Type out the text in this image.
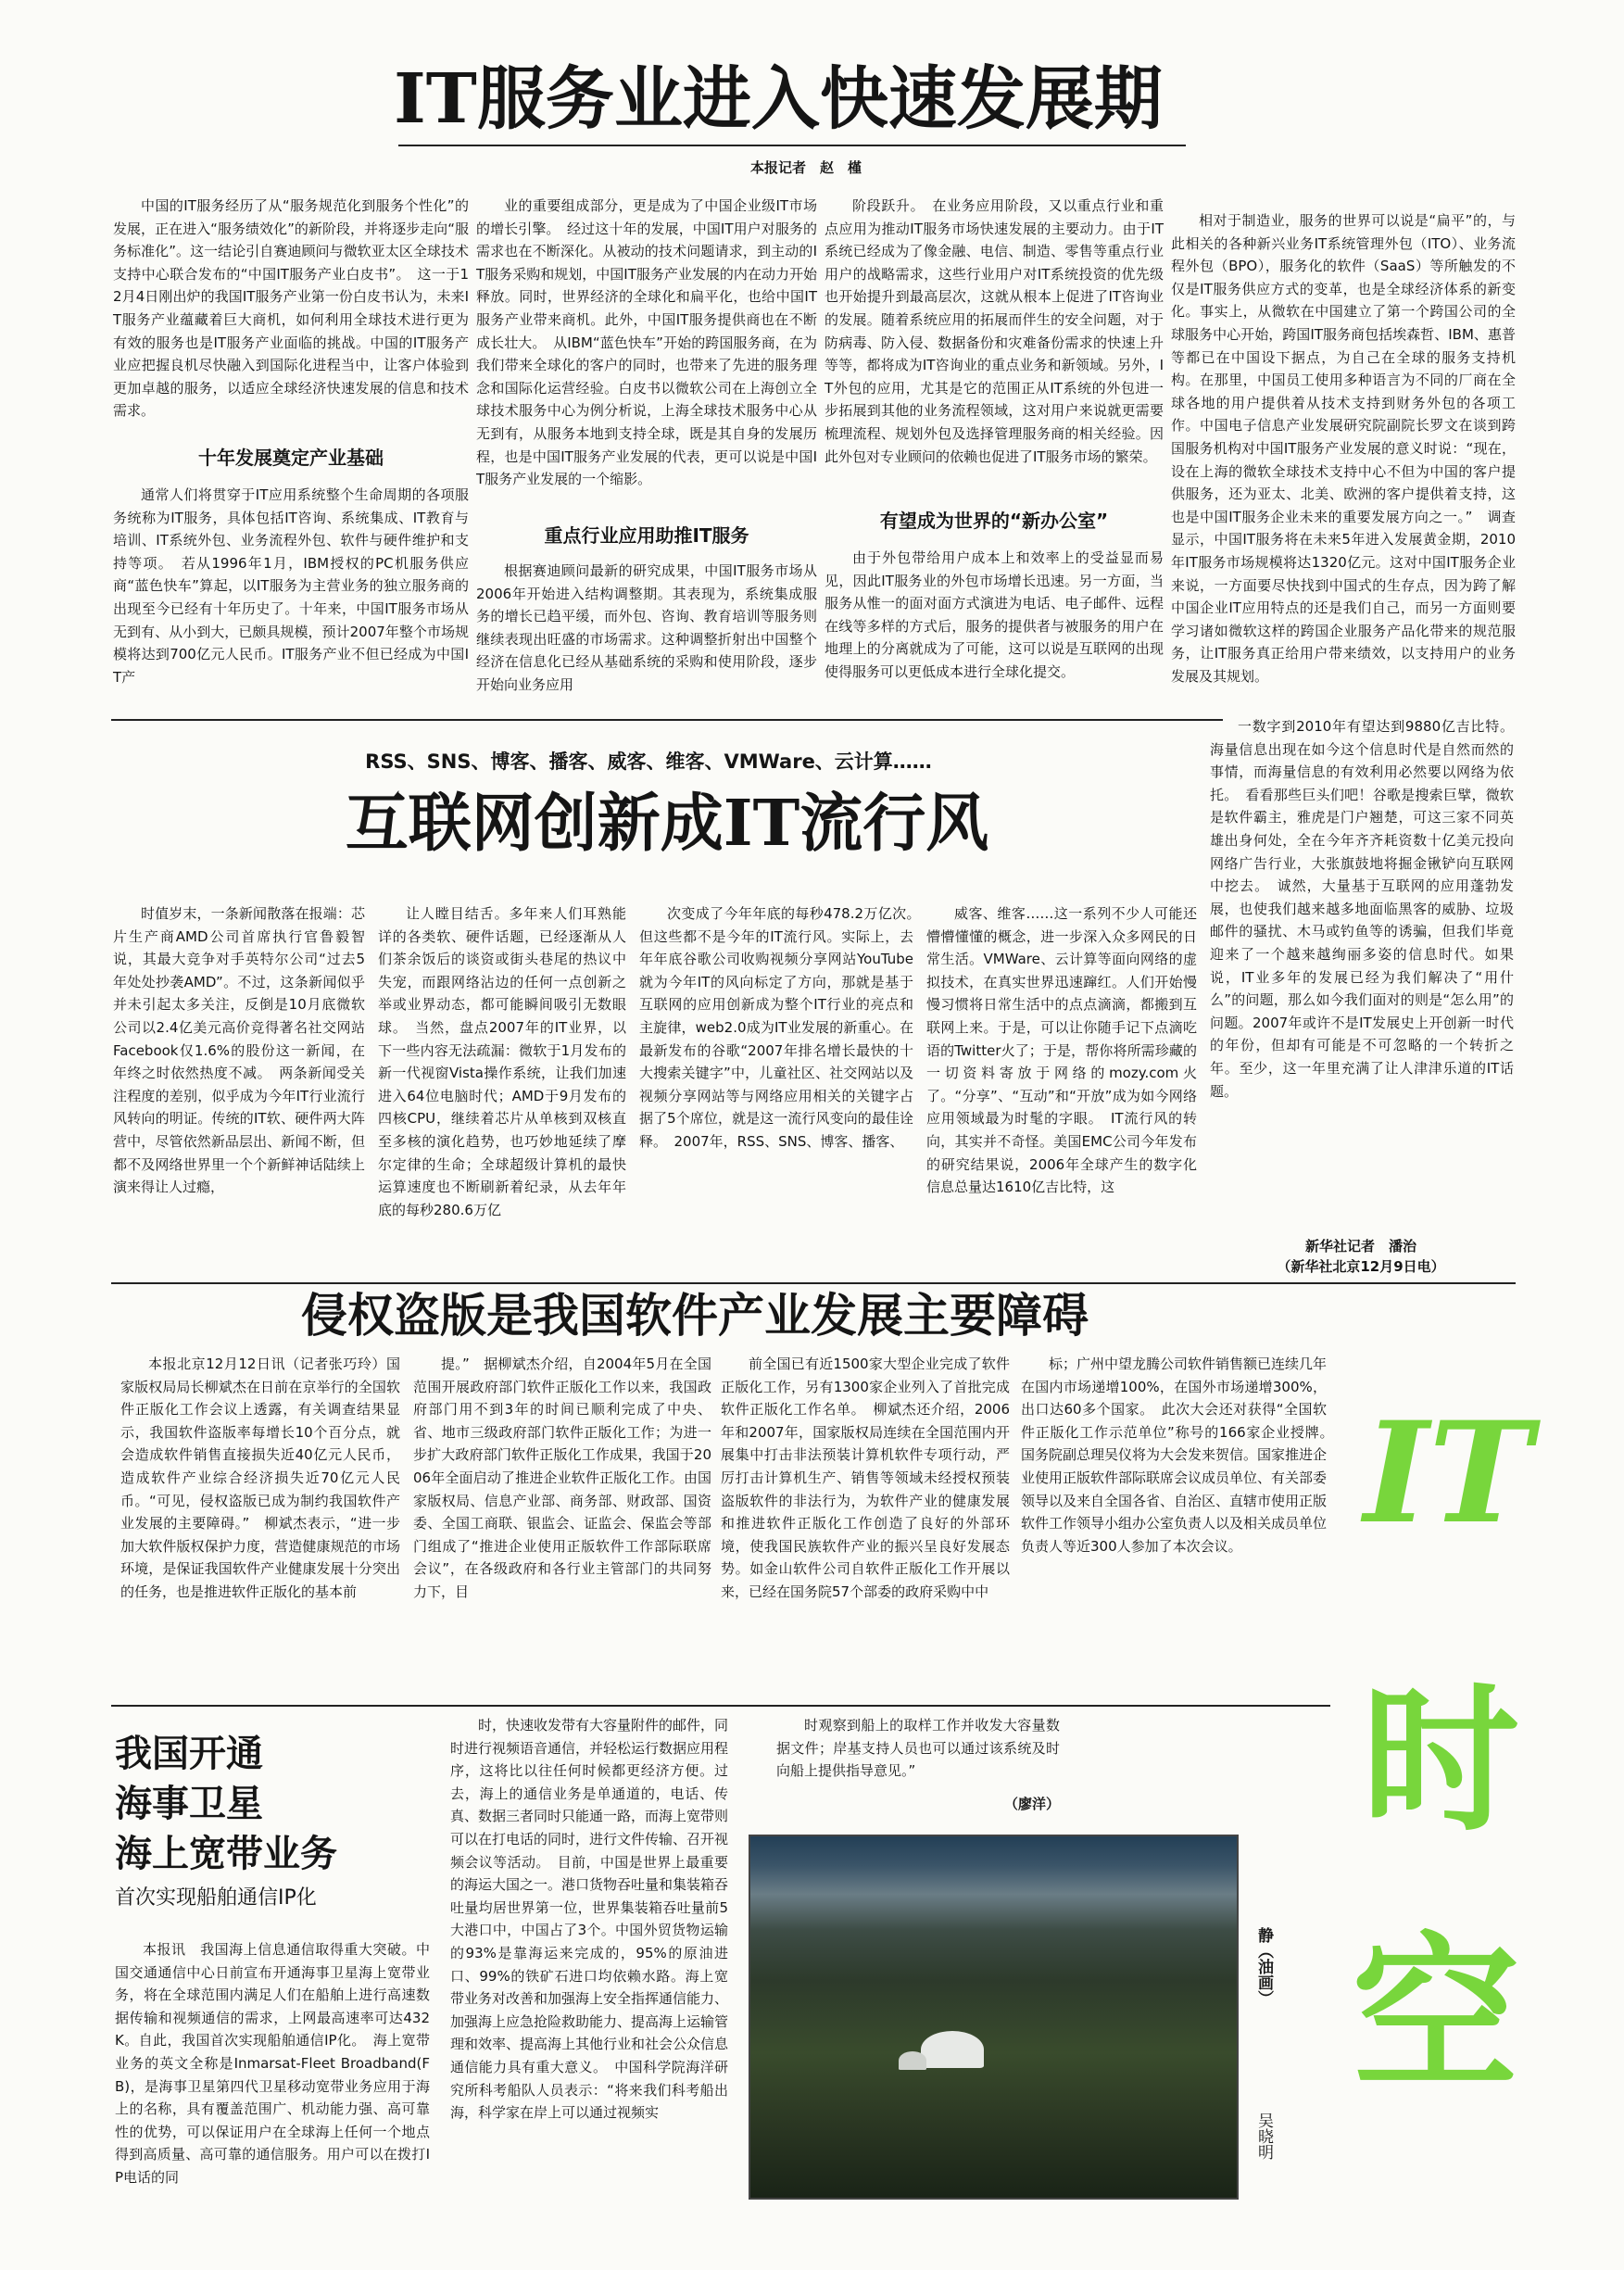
IT服务业进入快速发展期
本报记者　赵　槿

中国的IT服务经历了从“服务规范化到服务个性化”的发展，正在进入“服务绩效化”的新阶段，并将逐步走向“服务标准化”。这一结论引自赛迪顾问与微软亚太区全球技术支持中心联合发布的“中国IT服务产业白皮书”。　这一于12月4日刚出炉的我国IT服务产业第一份白皮书认为，未来IT服务产业蕴藏着巨大商机，如何利用全球技术进行更为有效的服务也是IT服务产业面临的挑战。中国的IT服务产业应把握良机尽快融入到国际化进程当中，让客户体验到更加卓越的服务，以适应全球经济快速发展的信息和技术需求。

十年发展奠定产业基础

通常人们将贯穿于IT应用系统整个生命周期的各项服务统称为IT服务，具体包括IT咨询、系统集成、IT教育与培训、IT系统外包、业务流程外包、软件与硬件维护和支持等项。　若从1996年1月，IBM授权的PC机服务供应商“蓝色快车”算起，以IT服务为主营业务的独立服务商的出现至今已经有十年历史了。十年来，中国IT服务市场从无到有、从小到大，已颇具规模，预计2007年整个市场规模将达到700亿元人民币。IT服务产业不但已经成为中国IT产

业的重要组成部分，更是成为了中国企业级IT市场的增长引擎。　经过这十年的发展，中国IT用户对服务的需求也在不断深化。从被动的技术问题请求，到主动的IT服务采购和规划，中国IT服务产业发展的内在动力开始释放。同时，世界经济的全球化和扁平化，也给中国IT服务产业带来商机。此外，中国IT服务提供商也在不断成长壮大。　从IBM“蓝色快车”开始的跨国服务商，在为我们带来全球化的客户的同时，也带来了先进的服务理念和国际化运营经验。白皮书以微软公司在上海创立全球技术服务中心为例分析说，上海全球技术服务中心从无到有，从服务本地到支持全球，既是其自身的发展历程，也是中国IT服务产业发展的代表，更可以说是中国IT服务产业发展的一个缩影。

重点行业应用助推IT服务

根据赛迪顾问最新的研究成果，中国IT服务市场从2006年开始进入结构调整期。其表现为，系统集成服务的增长已趋平缓，而外包、咨询、教育培训等服务则继续表现出旺盛的市场需求。这种调整折射出中国整个经济在信息化已经从基础系统的采购和使用阶段，逐步开始向业务应用

阶段跃升。　在业务应用阶段，又以重点行业和重点应用为推动IT服务市场快速发展的主要动力。由于IT系统已经成为了像金融、电信、制造、零售等重点行业用户的战略需求，这些行业用户对IT系统投资的优先级也开始提升到最高层次，这就从根本上促进了IT咨询业的发展。随着系统应用的拓展而伴生的安全问题，对于防病毒、防入侵、数据备份和灾难备份需求的快速上升等等，都将成为IT咨询业的重点业务和新领域。另外，IT外包的应用，尤其是它的范围正从IT系统的外包进一步拓展到其他的业务流程领域，这对用户来说就更需要梳理流程、规划外包及选择管理服务商的相关经验。因此外包对专业顾问的依赖也促进了IT服务市场的繁荣。

有望成为世界的“新办公室”

由于外包带给用户成本上和效率上的受益显而易见，因此IT服务业的外包市场增长迅速。另一方面，当服务从惟一的面对面方式演进为电话、电子邮件、远程在线等多样的方式后，服务的提供者与被服务的用户在地理上的分离就成为了可能，这可以说是互联网的出现使得服务可以更低成本进行全球化提交。

相对于制造业，服务的世界可以说是“扁平”的，与此相关的各种新兴业务IT系统管理外包（ITO）、业务流程外包（BPO），服务化的软件（SaaS）等所触发的不仅是IT服务供应方式的变革，也是全球经济体系的新变化。事实上，从微软在中国建立了第一个跨国公司的全球服务中心开始，跨国IT服务商包括埃森哲、IBM、惠普等都已在中国设下据点，为自己在全球的服务支持机构。在那里，中国员工使用多种语言为不同的厂商在全球各地的用户提供着从技术支持到财务外包的各项工作。中国电子信息产业发展研究院副院长罗文在谈到跨国服务机构对中国IT服务产业发展的意义时说：“现在，设在上海的微软全球技术支持中心不但为中国的客户提供服务，还为亚太、北美、欧洲的客户提供着支持，这也是中国IT服务企业未来的重要发展方向之一。”　调查显示，中国IT服务将在未来5年进入发展黄金期，2010年IT服务市场规模将达1320亿元。这对中国IT服务企业来说，一方面要尽快找到中国式的生存点，因为跨了解中国企业IT应用特点的还是我们自己，而另一方面则要学习诸如微软这样的跨国企业服务产品化带来的规范服务，让IT服务真正给用户带来绩效，以支持用户的业务发展及其规划。

RSS、SNS、博客、播客、威客、维客、VMWare、云计算……
互联网创新成IT流行风

时值岁末，一条新闻散落在报端：芯片生产商AMD公司首席执行官鲁毅智说，其最大竞争对手英特尔公司“过去5年处处抄袭AMD”。不过，这条新闻似乎并未引起太多关注，反倒是10月底微软公司以2.4亿美元高价竞得著名社交网站Facebook仅1.6%的股份这一新闻，在年终之时依然热度不减。　两条新闻受关注程度的差别，似乎成为今年IT行业流行风转向的明证。传统的IT软、硬件两大阵营中，尽管依然新品层出、新闻不断，但都不及网络世界里一个个新鲜神话陆续上演来得让人过瘾，

让人瞠目结舌。多年来人们耳熟能详的各类软、硬件话题，已经逐渐从人们茶余饭后的谈资或街头巷尾的热议中失宠，而跟网络沾边的任何一点创新之举或业界动态，都可能瞬间吸引无数眼球。　当然，盘点2007年的IT业界，以下一些内容无法疏漏：微软于1月发布的新一代视窗Vista操作系统，让我们加速进入64位电脑时代；AMD于9月发布的四核CPU，继续着芯片从单核到双核直至多核的演化趋势，也巧妙地延续了摩尔定律的生命；全球超级计算机的最快运算速度也不断刷新着纪录，从去年年底的每秒280.6万亿

次变成了今年年底的每秒478.2万亿次。　但这些都不是今年的IT流行风。实际上，去年年底谷歌公司收购视频分享网站YouTube就为今年IT的风向标定了方向，那就是基于互联网的应用创新成为整个IT行业的亮点和主旋律，web2.0成为IT业发展的新重心。在最新发布的谷歌“2007年排名增长最快的十大搜索关键字”中，儿童社区、社交网站以及视频分享网站等与网络应用相关的关键字占据了5个席位，就是这一流行风变向的最佳诠释。　2007年，RSS、SNS、博客、播客、

威客、维客……这一系列不少人可能还懵懵懂懂的概念，进一步深入众多网民的日常生活。VMWare、云计算等面向网络的虚拟技术，在真实世界迅速蹿红。人们开始慢慢习惯将日常生活中的点点滴滴，都搬到互联网上来。于是，可以让你随手记下点滴吃语的Twitter火了；于是，帮你将所需珍藏的一切资料寄放于网络的mozy.com火了。“分享”、“互动”和“开放”成为如今网络应用领域最为时髦的字眼。　IT流行风的转向，其实并不奇怪。美国EMC公司今年发布的研究结果说，2006年全球产生的数字化信息总量达1610亿吉比特，这

一数字到2010年有望达到9880亿吉比特。海量信息出现在如今这个信息时代是自然而然的事情，而海量信息的有效利用必然要以网络为依托。　看看那些巨头们吧！谷歌是搜索巨擘，微软是软件霸主，雅虎是门户翘楚，可这三家不同英雄出身何处，全在今年齐齐耗资数十亿美元投向网络广告行业，大张旗鼓地将掘金锹铲向互联网中挖去。　诚然，大量基于互联网的应用蓬勃发展，也使我们越来越多地面临黑客的威胁、垃圾邮件的骚扰、木马或钓鱼等的诱骗，但我们毕竟迎来了一个越来越绚丽多姿的信息时代。如果说，IT业多年的发展已经为我们解决了“用什么”的问题，那么如今我们面对的则是“怎么用”的问题。2007年或许不是IT发展史上开创新一时代的年份，但却有可能是不可忽略的一个转折之年。至少，这一年里充满了让人津津乐道的IT话题。

新华社记者　潘治
（新华社北京12月9日电）
侵权盗版是我国软件产业发展主要障碍

本报北京12月12日讯（记者张巧玲）国家版权局局长柳斌杰在日前在京举行的全国软件正版化工作会议上透露，有关调查结果显示，我国软件盗版率每增长10个百分点，就会造成软件销售直接损失近40亿元人民币，造成软件产业综合经济损失近70亿元人民币。“可见，侵权盗版已成为制约我国软件产业发展的主要障碍。”　柳斌杰表示，“进一步加大软件版权保护力度，营造健康规范的市场环境，是保证我国软件产业健康发展十分突出的任务，也是推进软件正版化的基本前

提。”　据柳斌杰介绍，自2004年5月在全国范围开展政府部门软件正版化工作以来，我国政府部门用不到3年的时间已顺利完成了中央、省、地市三级政府部门软件正版化工作；为进一步扩大政府部门软件正版化工作成果，我国于2006年全面启动了推进企业软件正版化工作。由国家版权局、信息产业部、商务部、财政部、国资委、全国工商联、银监会、证监会、保监会等部门组成了“推进企业使用正版软件工作部际联席会议”，在各级政府和各行业主管部门的共同努力下，目

前全国已有近1500家大型企业完成了软件正版化工作，另有1300家企业列入了首批完成软件正版化工作名单。　柳斌杰还介绍，2006年和2007年，国家版权局连续在全国范围内开展集中打击非法预装计算机软件专项行动，严厉打击计算机生产、销售等领域未经授权预装盗版软件的非法行为，为软件产业的健康发展和推进软件正版化工作创造了良好的外部环境，使我国民族软件产业的振兴呈良好发展态势。如金山软件公司自软件正版化工作开展以来，已经在国务院57个部委的政府采购中中

标；广州中望龙腾公司软件销售额已连续几年在国内市场递增100%，在国外市场递增300%，出口达60多个国家。　此次大会还对获得“全国软件正版化工作示范单位”称号的166家企业授牌。　国务院副总理吴仪将为大会发来贺信。国家推进企业使用正版软件部际联席会议成员单位、有关部委领导以及来自全国各省、自治区、直辖市使用正版软件工作领导小组办公室负责人以及相关成员单位负责人等近300人参加了本次会议。

我国开通
海事卫星
海上宽带业务
首次实现船舶通信IP化

本报讯　我国海上信息通信取得重大突破。中国交通通信中心日前宣布开通海事卫星海上宽带业务，将在全球范围内满足人们在船舶上进行高速数据传输和视频通信的需求，上网最高速率可达432K。自此，我国首次实现船舶通信IP化。　海上宽带业务的英文全称是Inmarsat-Fleet Broadband(FB)，是海事卫星第四代卫星移动宽带业务应用于海上的名称，具有覆盖范围广、机动能力强、高可靠性的优势，可以保证用户在全球海上任何一个地点得到高质量、高可靠的通信服务。用户可以在拨打IP电话的同

时，快速收发带有大容量附件的邮件，同时进行视频语音通信，并轻松运行数据应用程序，这将比以往任何时候都更经济方便。过去，海上的通信业务是单通道的，电话、传真、数据三者同时只能通一路，而海上宽带则可以在打电话的同时，进行文件传输、召开视频会议等活动。　目前，中国是世界上最重要的海运大国之一。港口货物吞吐量和集装箱吞吐量均居世界第一位，世界集装箱吞吐量前5大港口中，中国占了3个。中国外贸货物运输的93%是靠海运来完成的，95%的原油进口、99%的铁矿石进口均依赖水路。海上宽带业务对改善和加强海上安全指挥通信能力、加强海上应急抢险救助能力、提高海上运输管理和效率、提高海上其他行业和社会公众信息通信能力具有重大意义。　中国科学院海洋研究所科考船队人员表示：“将来我们科考船出海，科学家在岸上可以通过视频实

时观察到船上的取样工作并收发大容量数据文件；岸基支持人员也可以通过该系统及时向船上提供指导意见。”

（廖洋）
静（油画）
吴晓明
IT
时
空
